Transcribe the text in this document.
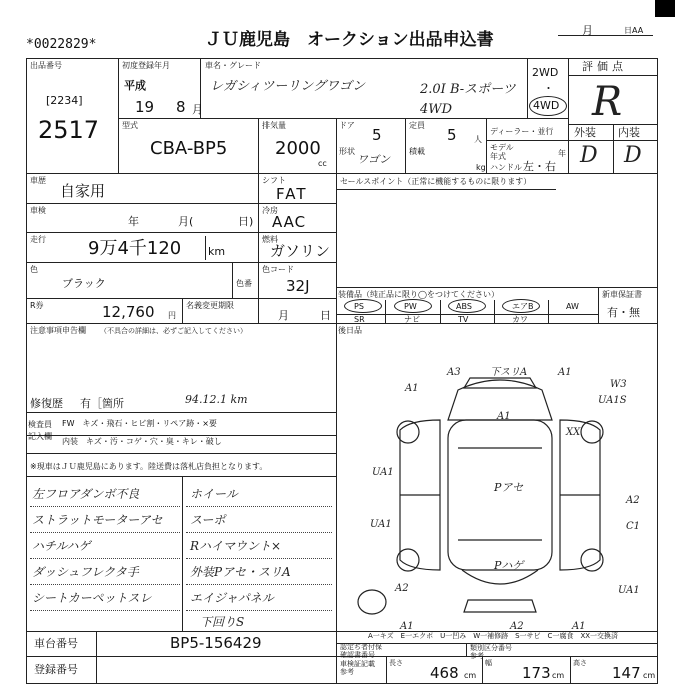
*0022829*	ＪＵ鹿児島　オークション出品申込書	月	日AA
出品番号
[2234]
2517
初度登録年月
平成
19 8 月
車名・グレード
レガシィツーリングワゴン	2.0I B-スポーツ 4WD
2WD
・
4WD
型式
CBA-BP5
排気量
2000
cc
ドア
5
形状
ワゴン
定員
5 人
積載
kg
ディーラー・並行
モデル年式	年
ハンドル 左・右
評価点
R
外装 内装
D D
車歴
自家用
車検
年	月(	日)
走行 9万4千120 km
色
ブラック
R券	12,760 円
シフト
FAT
冷房
AAC
燃料
ガソリン
色コード
色番 32J
名義変更期限
月	日
セールスポイント（正常に機能するものに限ります）
装備品（纯正品に限り◯をつけてください）	新車保証書
有・無
PS	PW	ABS	エアB	AW
SR	ナビ	TV	カワ
後日品
注意事項申告欄 （不具合の詳細は、必ずご記入してください）
修復歴 有［箇所	94.12.1 km
検査員
記入欄
FW　キズ・飛石・ヒビ割・リペア跡・×要
内装　キズ・汚・コゲ・穴・臭・キレ・破し
※現車はＪＵ鹿児島にあります。陸送費は落札店負担となります。
左フロアダンボ不良
ストラットモーターアセ
ハチルハゲ
ダッシュフレクタ手
シートカーペットスレ
ホイール
スーポ
Rハイマウント×
外装Pアセ・スリA
エイジャパネル
下回りS
A3
A1
下スリA	A1
W3
UA1S
A1
XX
UA1
Pアセ
A2
UA1	C1
Pハゲ
A2	UA1
A1	A2	A1
A一キズ　E一エクボ　U一凹み　W一補修跡　S一サビ　C一腐食　XX一交換済
車台番号	BP5-156429
登録番号
認定ぢ者付保
確認書番号
類別区分番号
参考
車検証記載
参考
長さ
468 cm
幅
173 cm
高さ
147 cm
